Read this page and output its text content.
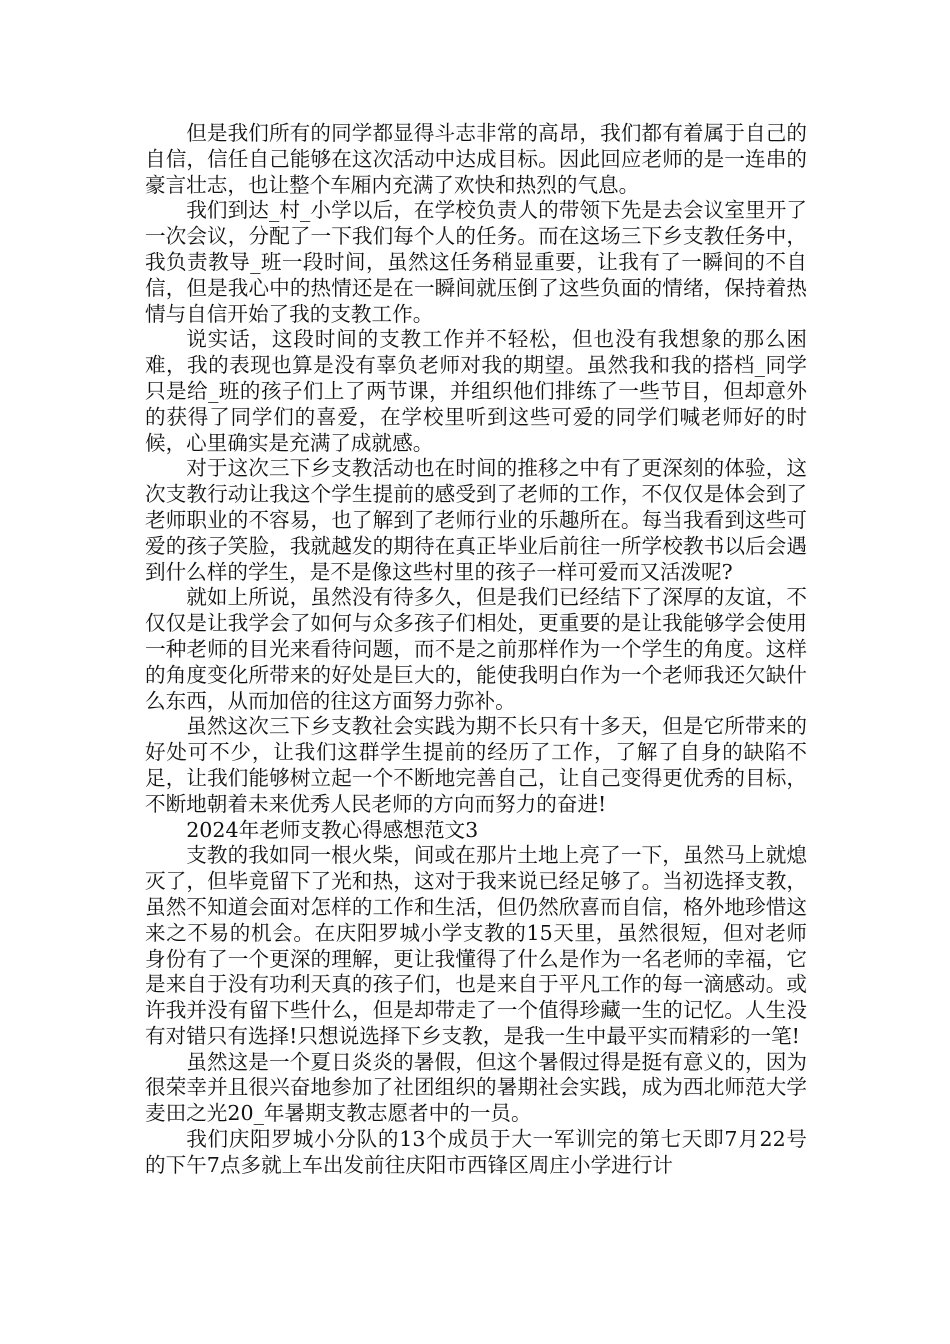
但是我们所有的同学都显得斗志非常的高昂，我们都有着属于自己的自信，信任自己能够在这次活动中达成目标。因此回应老师的是一连串的豪言壮志，也让整个车厢内充满了欢快和热烈的气息。

我们到达_村_小学以后，在学校负责人的带领下先是去会议室里开了一次会议，分配了一下我们每个人的任务。而在这场三下乡支教任务中，我负责教导_班一段时间，虽然这任务稍显重要，让我有了一瞬间的不自信，但是我心中的热情还是在一瞬间就压倒了这些负面的情绪，保持着热情与自信开始了我的支教工作。

说实话，这段时间的支教工作并不轻松，但也没有我想象的那么困难，我的表现也算是没有辜负老师对我的期望。虽然我和我的搭档_同学只是给_班的孩子们上了两节课，并组织他们排练了一些节目，但却意外的获得了同学们的喜爱，在学校里听到这些可爱的同学们喊老师好的时候，心里确实是充满了成就感。

对于这次三下乡支教活动也在时间的推移之中有了更深刻的体验，这次支教行动让我这个学生提前的感受到了老师的工作，不仅仅是体会到了老师职业的不容易，也了解到了老师行业的乐趣所在。每当我看到这些可爱的孩子笑脸，我就越发的期待在真正毕业后前往一所学校教书以后会遇到什么样的学生，是不是像这些村里的孩子一样可爱而又活泼呢?

就如上所说，虽然没有待多久，但是我们已经结下了深厚的友谊，不仅仅是让我学会了如何与众多孩子们相处，更重要的是让我能够学会使用一种老师的目光来看待问题，而不是之前那样作为一个学生的角度。这样的角度变化所带来的好处是巨大的，能使我明白作为一个老师我还欠缺什么东西，从而加倍的往这方面努力弥补。

虽然这次三下乡支教社会实践为期不长只有十多天，但是它所带来的好处可不少，让我们这群学生提前的经历了工作，了解了自身的缺陷不足，让我们能够树立起一个不断地完善自己，让自己变得更优秀的目标，不断地朝着未来优秀人民老师的方向而努力的奋进!

2024年老师支教心得感想范文3

支教的我如同一根火柴，间或在那片土地上亮了一下，虽然马上就熄灭了，但毕竟留下了光和热，这对于我来说已经足够了。当初选择支教，虽然不知道会面对怎样的工作和生活，但仍然欣喜而自信，格外地珍惜这来之不易的机会。在庆阳罗城小学支教的15天里，虽然很短，但对老师身份有了一个更深的理解，更让我懂得了什么是作为一名老师的幸福，它是来自于没有功利天真的孩子们，也是来自于平凡工作的每一滴感动。或许我并没有留下些什么，但是却带走了一个值得珍藏一生的记忆。人生没有对错只有选择!只想说选择下乡支教，是我一生中最平实而精彩的一笔!

虽然这是一个夏日炎炎的暑假，但这个暑假过得是挺有意义的，因为很荣幸并且很兴奋地参加了社团组织的暑期社会实践，成为西北师范大学麦田之光20_年暑期支教志愿者中的一员。

我们庆阳罗城小分队的13个成员于大一军训完的第七天即7月22号的下午7点多就上车出发前往庆阳市西锋区周庄小学进行计
